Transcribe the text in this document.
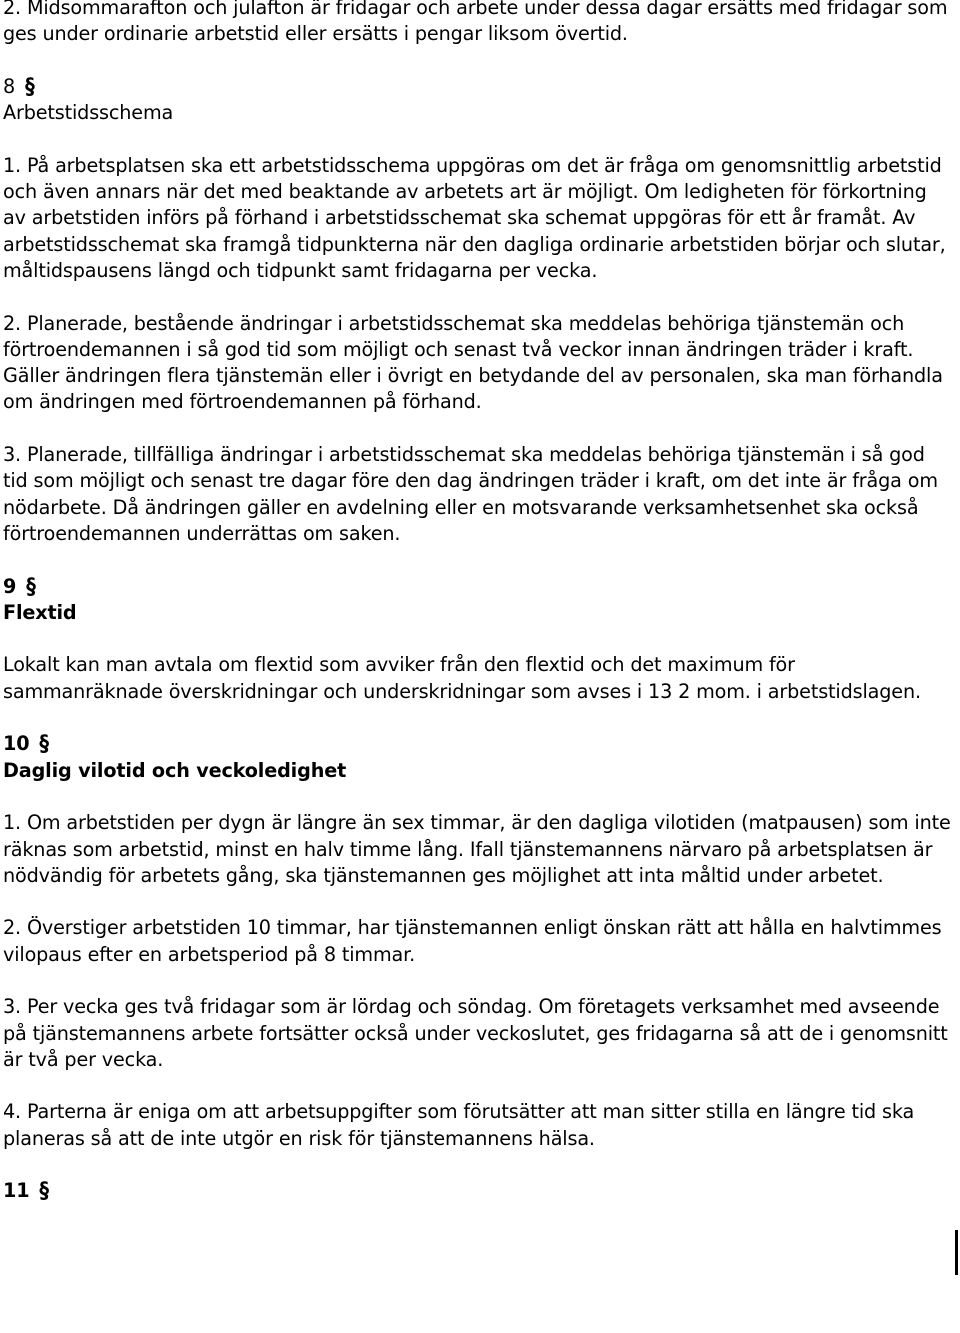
2. Midsommarafton och julafton är fridagar och arbete under dessa dagar ersätts med fridagar som ges under ordinarie arbetstid eller ersätts i pengar liksom övertid.

8 §
Arbetstidsschema

1. På arbetsplatsen ska ett arbetstidsschema uppgöras om det är fråga om genomsnittlig arbetstid och även annars när det med beaktande av arbetets art är möjligt. Om ledigheten för förkortning av arbetstiden införs på förhand i arbetstidsschemat ska schemat uppgöras för ett år framåt. Av arbetstidsschemat ska framgå tidpunkterna när den dagliga ordinarie arbetstiden börjar och slutar, måltidspausens längd och tidpunkt samt fridagarna per vecka.

2. Planerade, bestående ändringar i arbetstidsschemat ska meddelas behöriga tjänstemän och förtroendemannen i så god tid som möjligt och senast två veckor innan ändringen träder i kraft. Gäller ändringen flera tjänstemän eller i övrigt en betydande del av personalen, ska man förhandla om ändringen med förtroendemannen på förhand.

3. Planerade, tillfälliga ändringar i arbetstidsschemat ska meddelas behöriga tjänstemän i så god tid som möjligt och senast tre dagar före den dag ändringen träder i kraft, om det inte är fråga om nödarbete. Då ändringen gäller en avdelning eller en motsvarande verksamhetsenhet ska också förtroendemannen underrättas om saken.

9 §
Flextid

Lokalt kan man avtala om flextid som avviker från den flextid och det maximum för sammanräknade överskridningar och underskridningar som avses i 13 2 mom. i arbetstidslagen.

10 §
Daglig vilotid och veckoledighet

1. Om arbetstiden per dygn är längre än sex timmar, är den dagliga vilotiden (matpausen) som inte räknas som arbetstid, minst en halv timme lång. Ifall tjänstemannens närvaro på arbetsplatsen är nödvändig för arbetets gång, ska tjänstemannen ges möjlighet att inta måltid under arbetet.

2. Överstiger arbetstiden 10 timmar, har tjänstemannen enligt önskan rätt att hålla en halvtimmes vilopaus efter en arbetsperiod på 8 timmar.

3. Per vecka ges två fridagar som är lördag och söndag. Om företagets verksamhet med avseende på tjänstemannens arbete fortsätter också under veckoslutet, ges fridagarna så att de i genomsnitt är två per vecka.

4. Parterna är eniga om att arbetsuppgifter som förutsätter att man sitter stilla en längre tid ska planeras så att de inte utgör en risk för tjänstemannens hälsa.

11 §
